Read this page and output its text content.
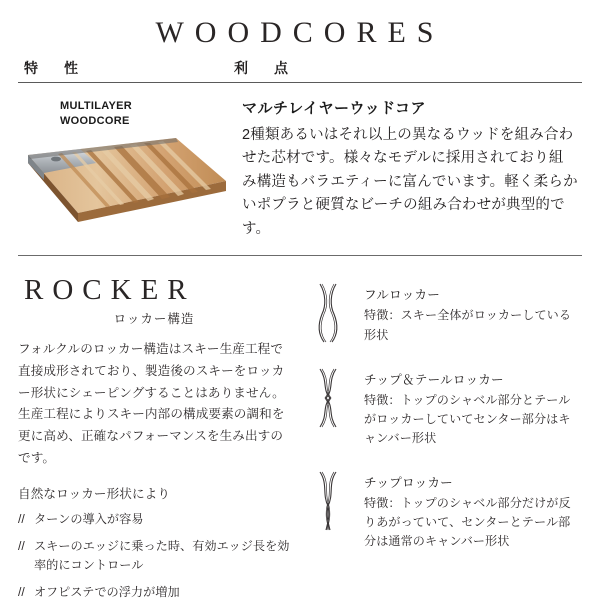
WOODCORES
特　性	利　点
MULTILAYER
WOODCORE
マルチレイヤーウッドコア

2種類あるいはそれ以上の異なるウッドを組み合わせた芯材です。様々なモデルに採用されており組み構造もバラエティーに富んでいます。軽く柔らかいポプラと硬質なビーチの組み合わせが典型的です。

ROCKER
ロッカー構造

フォルクルのロッカー構造はスキー生産工程で直接成形されており、製造後のスキーをロッカー形状にシェーピングすることはありません。生産工程によりスキー内部の構成要素の調和を更に高め、正確なパフォーマンスを生み出すのです。

自然なロッカー形状により
// ターンの導入が容易
// スキーのエッジに乗った時、有効エッジ長を効率的にコントロール
// オフピステでの浮力が増加
フルロッカー
特徴：スキー全体がロッカーしている形状
チップ＆テールロッカー
特徴：トップのシャベル部分とテールがロッカーしていてセンター部分はキャンバー形状
チップロッカー
特徴：トップのシャベル部分だけが反りあがっていて、センターとテール部分は通常のキャンバー形状
